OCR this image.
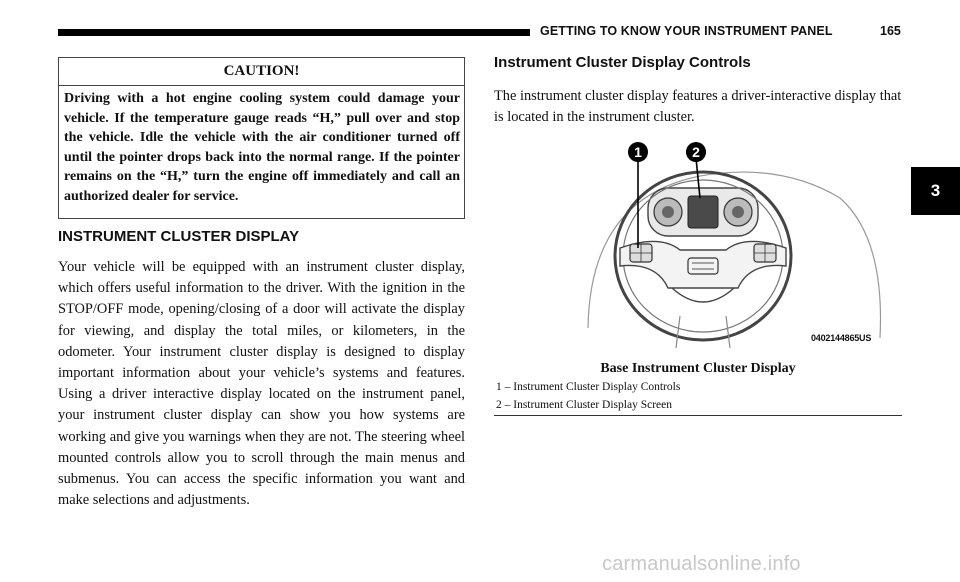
GETTING TO KNOW YOUR INSTRUMENT PANEL	165
3
CAUTION!
Driving with a hot engine cooling system could damage your vehicle. If the temperature gauge reads “H,” pull over and stop the vehicle. Idle the vehicle with the air conditioner turned off until the pointer drops back into the normal range. If the pointer remains on the “H,” turn the engine off immediately and call an authorized dealer for service.
INSTRUMENT CLUSTER DISPLAY
Your vehicle will be equipped with an instrument cluster display, which offers useful information to the driver. With the ignition in the STOP/OFF mode, opening/closing of a door will activate the display for viewing, and display the total miles, or kilometers, in the odometer. Your instrument cluster display is designed to display important information about your vehicle’s systems and features. Using a driver interactive display located on the instrument panel, your instrument cluster display can show you how systems are working and give you warnings when they are not. The steering wheel mounted controls allow you to scroll through the main menus and submenus. You can access the specific information you want and make selections and adjustments.
Instrument Cluster Display Controls
The instrument cluster display features a driver-interactive display that is located in the instrument cluster.
1	2
0402144865US
Base Instrument Cluster Display
1 – Instrument Cluster Display Controls
2 – Instrument Cluster Display Screen
carmanualsonline.info
